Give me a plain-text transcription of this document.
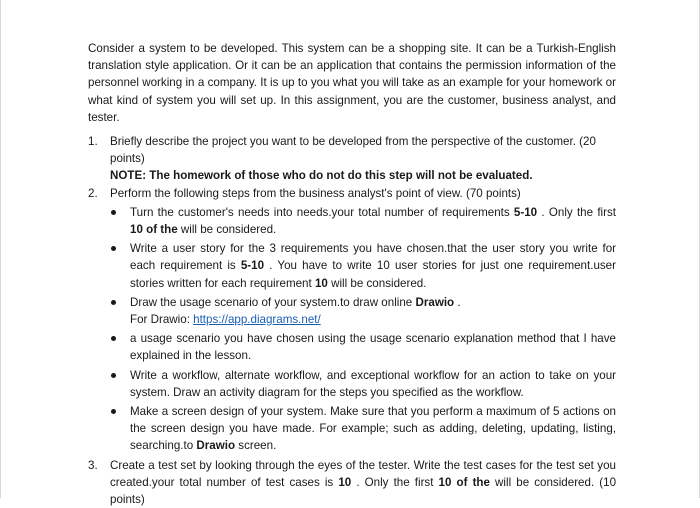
Consider a system to be developed. This system can be a shopping site. It can be a Turkish-English translation style application. Or it can be an application that contains the permission information of the personnel working in a company. It is up to you what you will take as an example for your homework or what kind of system you will set up. In this assignment, you are the customer, business analyst, and tester.

1. Briefly describe the project you want to be developed from the perspective of the customer. (20 points)
NOTE: The homework of those who do not do this step will not be evaluated.
2. Perform the following steps from the business analyst's point of view. (70 points)
Turn the customer's needs into needs.your total number of requirements 5-10 . Only the first 10 of the will be considered.
Write a user story for the 3 requirements you have chosen.that the user story you write for each requirement is 5-10 . You have to write 10 user stories for just one requirement.user stories written for each requirement 10 will be considered.
Draw the usage scenario of your system.to draw online Drawio .
For Drawio: https://app.diagrams.net/
a usage scenario you have chosen using the usage scenario explanation method that I have explained in the lesson.
Write a workflow, alternate workflow, and exceptional workflow for an action to take on your system. Draw an activity diagram for the steps you specified as the workflow.
Make a screen design of your system. Make sure that you perform a maximum of 5 actions on the screen design you have made. For example; such as adding, deleting, updating, listing, searching.to Drawio screen.
3. Create a test set by looking through the eyes of the tester. Write the test cases for the test set you created.your total number of test cases is 10 . Only the first 10 of the will be considered. (10 points)
